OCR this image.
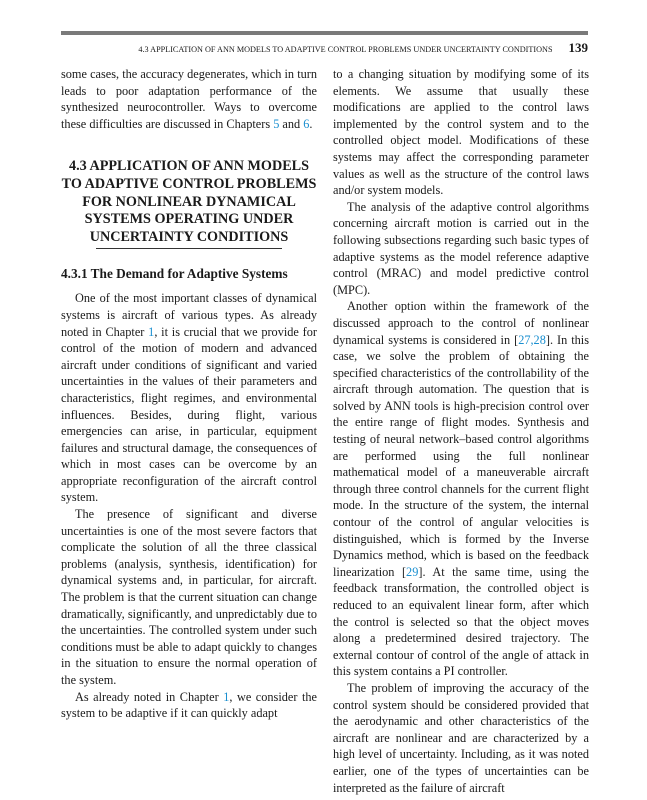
4.3 APPLICATION OF ANN MODELS TO ADAPTIVE CONTROL PROBLEMS UNDER UNCERTAINTY CONDITIONS 139

some cases, the accuracy degenerates, which in turn leads to poor adaptation performance of the synthesized neurocontroller. Ways to overcome these difficulties are discussed in Chapters 5 and 6.

4.3 APPLICATION OF ANN MODELS TO ADAPTIVE CONTROL PROBLEMS FOR NONLINEAR DYNAMICAL SYSTEMS OPERATING UNDER UNCERTAINTY CONDITIONS
4.3.1 The Demand for Adaptive Systems

One of the most important classes of dynamical systems is aircraft of various types. As already noted in Chapter 1, it is crucial that we provide for control of the motion of modern and advanced aircraft under conditions of significant and varied uncertainties in the values of their parameters and characteristics, flight regimes, and environmental influences. Besides, during flight, various emergencies can arise, in particular, equipment failures and structural damage, the consequences of which in most cases can be overcome by an appropriate reconfiguration of the aircraft control system.

The presence of significant and diverse uncertainties is one of the most severe factors that complicate the solution of all the three classical problems (analysis, synthesis, identification) for dynamical systems and, in particular, for aircraft. The problem is that the current situation can change dramatically, significantly, and unpredictably due to the uncertainties. The controlled system under such conditions must be able to adapt quickly to changes in the situation to ensure the normal operation of the system.

As already noted in Chapter 1, we consider the system to be adaptive if it can quickly adapt

to a changing situation by modifying some of its elements. We assume that usually these modifications are applied to the control laws implemented by the control system and to the controlled object model. Modifications of these systems may affect the corresponding parameter values as well as the structure of the control laws and/or system models.

The analysis of the adaptive control algorithms concerning aircraft motion is carried out in the following subsections regarding such basic types of adaptive systems as the model reference adaptive control (MRAC) and model predictive control (MPC).

Another option within the framework of the discussed approach to the control of nonlinear dynamical systems is considered in [27,28]. In this case, we solve the problem of obtaining the specified characteristics of the controllability of the aircraft through automation. The question that is solved by ANN tools is high-precision control over the entire range of flight modes. Synthesis and testing of neural network–based control algorithms are performed using the full nonlinear mathematical model of a maneuverable aircraft through three control channels for the current flight mode. In the structure of the system, the internal contour of the control of angular velocities is distinguished, which is formed by the Inverse Dynamics method, which is based on the feedback linearization [29]. At the same time, using the feedback transformation, the controlled object is reduced to an equivalent linear form, after which the control is selected so that the object moves along a predetermined desired trajectory. The external contour of control of the angle of attack in this system contains a PI controller.

The problem of improving the accuracy of the control system should be considered provided that the aerodynamic and other characteristics of the aircraft are nonlinear and are characterized by a high level of uncertainty. Including, as it was noted earlier, one of the types of uncertainties can be interpreted as the failure of aircraft
